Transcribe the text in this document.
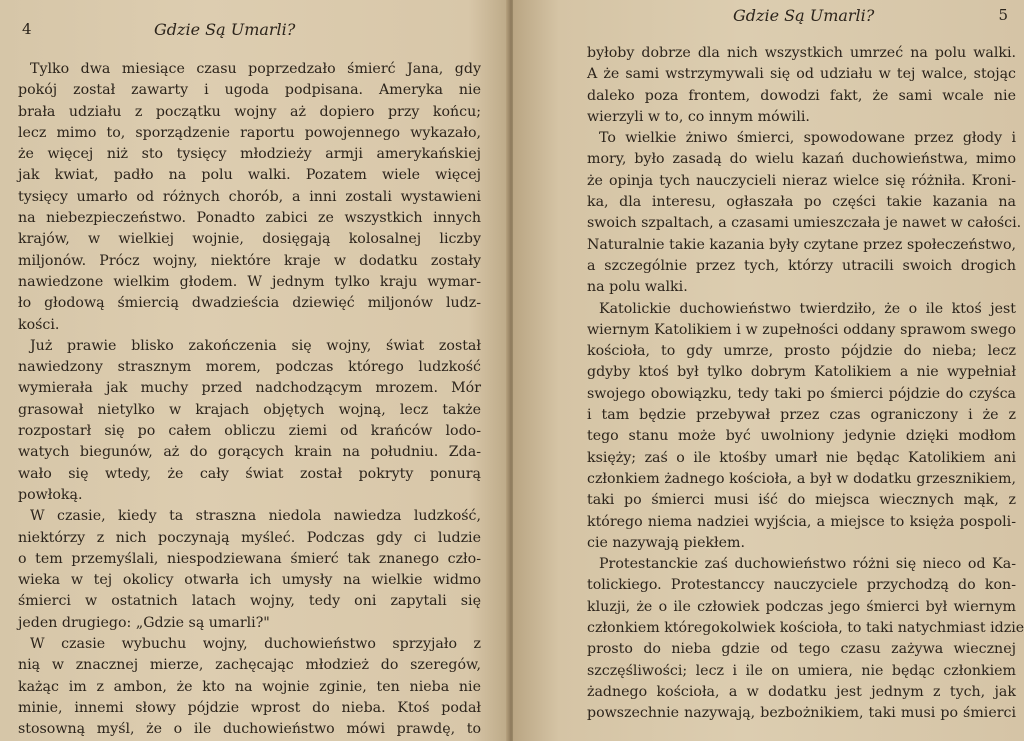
4	Gdzie Są Umarli?
Tylko dwa miesiące czasu poprzedzało śmierć Jana, gdy
pokój został zawarty i ugoda podpisana. Ameryka nie
brała udziału z początku wojny aż dopiero przy końcu;
lecz mimo to, sporządzenie raportu powojennego wykazało,
że więcej niż sto tysięcy młodzieży armji amerykańskiej
jak kwiat, padło na polu walki. Pozatem wiele więcej
tysięcy umarło od różnych chorób, a inni zostali wystawieni
na niebezpieczeństwo. Ponadto zabici ze wszystkich innych
krajów, w wielkiej wojnie, dosięgają kolosalnej liczby
miljonów. Prócz wojny, niektóre kraje w dodatku zostały
nawiedzone wielkim głodem. W jednym tylko kraju wymar-
ło głodową śmiercią dwadzieścia dziewięć miljonów ludz-
kości.
Już prawie blisko zakończenia się wojny, świat został
nawiedzony strasznym morem, podczas którego ludzkość
wymierała jak muchy przed nadchodzącym mrozem. Mór
grasował nietylko w krajach objętych wojną, lecz także
rozpostarł się po całem obliczu ziemi od krańców lodo-
watych biegunów, aż do gorących krain na południu. Zda-
wało się wtedy, że cały świat został pokryty ponurą
powłoką.
W czasie, kiedy ta straszna niedola nawiedza ludzkość,
niektórzy z nich poczynają myśleć. Podczas gdy ci ludzie
o tem przemyślali, niespodziewana śmierć tak znanego czło-
wieka w tej okolicy otwarła ich umysły na wielkie widmo
śmierci w ostatnich latach wojny, tedy oni zapytali się
jeden drugiego: „Gdzie są umarli?"
W czasie wybuchu wojny, duchowieństwo sprzyjało z
nią w znacznej mierze, zachęcając młodzież do szeregów,
każąc im z ambon, że kto na wojnie zginie, ten nieba nie
minie, innemi słowy pójdzie wprost do nieba. Ktoś podał
stosowną myśl, że o ile duchowieństwo mówi prawdę, to
Gdzie Są Umarli?	5
byłoby dobrze dla nich wszystkich umrzeć na polu walki.
A że sami wstrzymywali się od udziału w tej walce, stojąc
daleko poza frontem, dowodzi fakt, że sami wcale nie
wierzyli w to, co innym mówili.
To wielkie żniwo śmierci, spowodowane przez głody i
mory, było zasadą do wielu kazań duchowieństwa, mimo
że opinja tych nauczycieli nieraz wielce się różniła. Kroni-
ka, dla interesu, ogłaszała po części takie kazania na
swoich szpaltach, a czasami umieszczała je nawet w całości.
Naturalnie takie kazania były czytane przez społeczeństwo,
a szczególnie przez tych, którzy utracili swoich drogich
na polu walki.
Katolickie duchowieństwo twierdziło, że o ile ktoś jest
wiernym Katolikiem i w zupełności oddany sprawom swego
kościoła, to gdy umrze, prosto pójdzie do nieba; lecz
gdyby ktoś był tylko dobrym Katolikiem a nie wypełniał
swojego obowiązku, tedy taki po śmierci pójdzie do czyśca
i tam będzie przebywał przez czas ograniczony i że z
tego stanu może być uwolniony jedynie dzięki modłom
księży; zaś o ile ktośby umarł nie będąc Katolikiem ani
członkiem żadnego kościoła, a był w dodatku grzesznikiem,
taki po śmierci musi iść do miejsca wiecznych mąk, z
którego niema nadziei wyjścia, a miejsce to księża pospoli-
cie nazywają piekłem.
Protestanckie zaś duchowieństwo różni się nieco od Ka-
tolickiego. Protestanccy nauczyciele przychodzą do kon-
kluzji, że o ile człowiek podczas jego śmierci był wiernym
członkiem któregokolwiek kościoła, to taki natychmiast idzie
prosto do nieba gdzie od tego czasu zażywa wiecznej
szczęśliwości; lecz i ile on umiera, nie będąc członkiem
żadnego kościoła, a w dodatku jest jednym z tych, jak
powszechnie nazywają, bezbożnikiem, taki musi po śmierci
